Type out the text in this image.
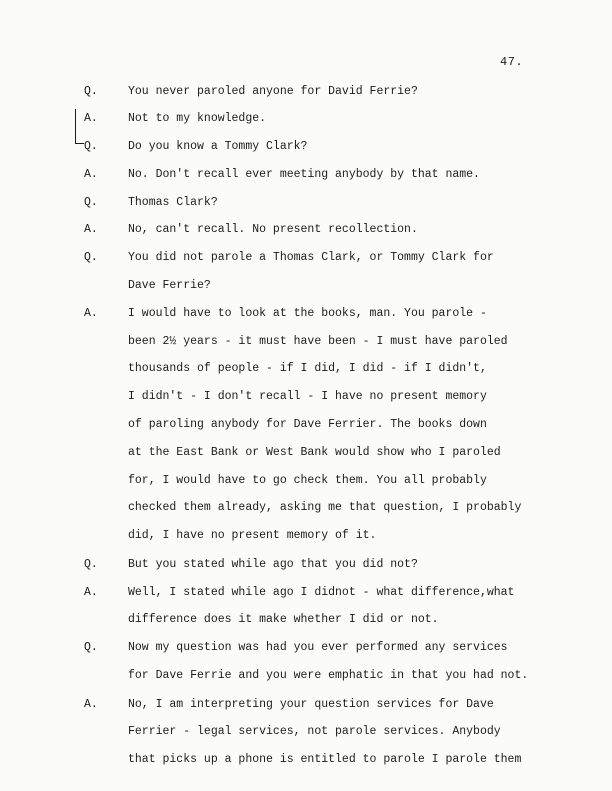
47.
Q.	You never paroled anyone for David Ferrie?
A.	Not to my knowledge.
Q.	Do you know a Tommy Clark?
A.	No. Don't recall ever meeting anybody by that name.
Q.	Thomas Clark?
A.	No, can't recall. No present recollection.
Q.	You did not parole a Thomas Clark, or Tommy Clark for
Dave Ferrie?
A.	I would have to look at the books, man. You parole -
been 2½ years - it must have been - I must have paroled
thousands of people - if I did, I did - if I didn't,
I didn't - I don't recall - I have no present memory
of paroling anybody for Dave Ferrier. The books down
at the East Bank or West Bank would show who I paroled
for, I would have to go check them. You all probably
checked them already, asking me that question, I probably
did, I have no present memory of it.
Q.	But you stated while ago that you did not?
A.	Well, I stated while ago I didnot - what difference,what
difference does it make whether I did or not.
Q.	Now my question was had you ever performed any services
for Dave Ferrie and you were emphatic in that you had not.
A.	No, I am interpreting your question services for Dave
Ferrier - legal services, not parole services. Anybody
that picks up a phone is entitled to parole I parole them
